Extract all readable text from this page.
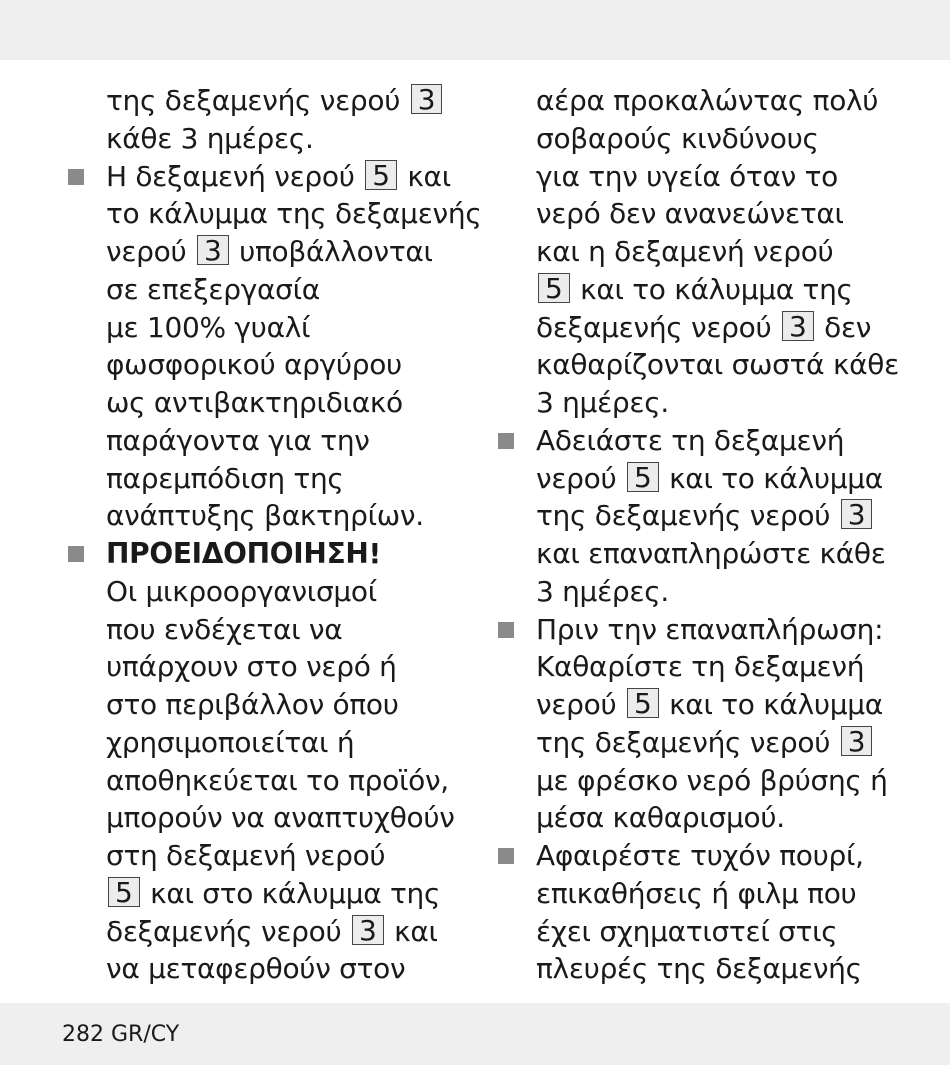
της δεξαμενής νερού 3
κάθε 3 ημέρες.
Η δεξαμενή νερού 5 και
το κάλυμμα της δεξαμενής
νερού 3 υποβάλλονται
σε επεξεργασία
με 100% γυαλί
φωσφορικού αργύρου
ως αντιβακτηριδιακό
παράγοντα για την
παρεμπόδιση της
ανάπτυξης βακτηρίων.
ΠΡΟΕΙΔΟΠΟΙΗΣΗ!
Οι μικροοργανισμοί
που ενδέχεται να
υπάρχουν στο νερό ή
στο περιβάλλον όπου
χρησιμοποιείται ή
αποθηκεύεται το προϊόν,
μπορούν να αναπτυχθούν
στη δεξαμενή νερού
5 και στο κάλυμμα της
δεξαμενής νερού 3 και
να μεταφερθούν στον
αέρα προκαλώντας πολύ
σοβαρούς κινδύνους
για την υγεία όταν το
νερό δεν ανανεώνεται
και η δεξαμενή νερού
5 και το κάλυμμα της
δεξαμενής νερού 3 δεν
καθαρίζονται σωστά κάθε
3 ημέρες.
Αδειάστε τη δεξαμενή
νερού 5 και το κάλυμμα
της δεξαμενής νερού 3
και επαναπληρώστε κάθε
3 ημέρες.
Πριν την επαναπλήρωση:
Καθαρίστε τη δεξαμενή
νερού 5 και το κάλυμμα
της δεξαμενής νερού 3
με φρέσκο νερό βρύσης ή
μέσα καθαρισμού.
Αφαιρέστε τυχόν πουρί,
επικαθήσεις ή φιλμ που
έχει σχηματιστεί στις
πλευρές της δεξαμενής
282 GR/CY
